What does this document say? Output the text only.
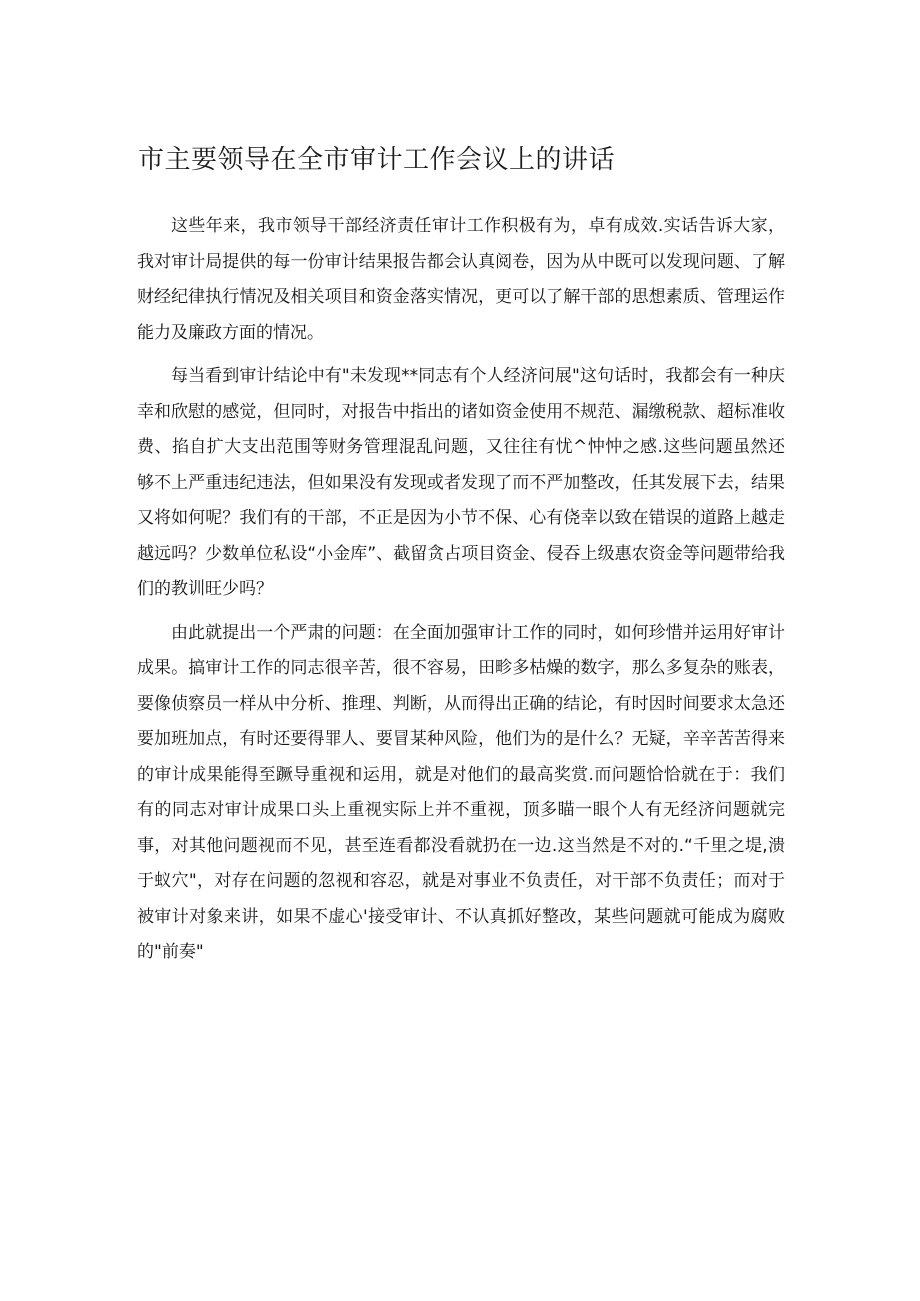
市主要领导在全市审计工作会议上的讲话

这些年来，我市领导干部经济责任审计工作积极有为，卓有成效.实话告诉大家，我对审计局提供的每一份审计结果报告都会认真阅卷，因为从中既可以发现问题、了解财经纪律执行情况及相关项目和资金落实情况，更可以了解干部的思想素质、管理运作能力及廉政方面的情况。

每当看到审计结论中有"未发现**同志有个人经济问展"这句话时，我都会有一种庆幸和欣慰的感觉，但同时，对报告中指出的诸如资金使用不规范、漏缴税款、超标准收费、掐自扩大支出范围等财务管理混乱问题，又往往有忧^忡忡之感.这些问题虽然还够不上严重违纪违法，但如果没有发现或者发现了而不严加整改，任其发展下去，结果又将如何呢？我们有的干部，不正是因为小节不保、心有侥幸以致在错误的道路上越走越远吗？少数单位私设“小金库”、截留贪占项目资金、侵吞上级惠农资金等问题带给我们的教训旺少吗？

由此就提出一个严肃的问题：在全面加强审计工作的同时，如何珍惜并运用好审计成果。搞审计工作的同志很辛苦，很不容易，田畛多枯燥的数字，那么多复杂的账表，要像侦察员一样从中分析、推理、判断，从而得出正确的结论，有时因时间要求太急还要加班加点，有时还要得罪人、要冒某种风险，他们为的是什么？无疑，辛辛苦苦得来的审计成果能得至蹶导重视和运用，就是对他们的最高奖赏.而问题恰恰就在于：我们有的同志对审计成果口头上重视实际上并不重视，顶多瞄一眼个人有无经济问题就完事，对其他问题视而不见，甚至连看都没看就扔在一边.这当然是不对的.“千里之堤,溃于蚁穴"，对存在问题的忽视和容忍，就是对事业不负责任，对干部不负责任；而对于被审计对象来讲，如果不虚心'接受审计、不认真抓好整改，某些问题就可能成为腐败的"前奏"
